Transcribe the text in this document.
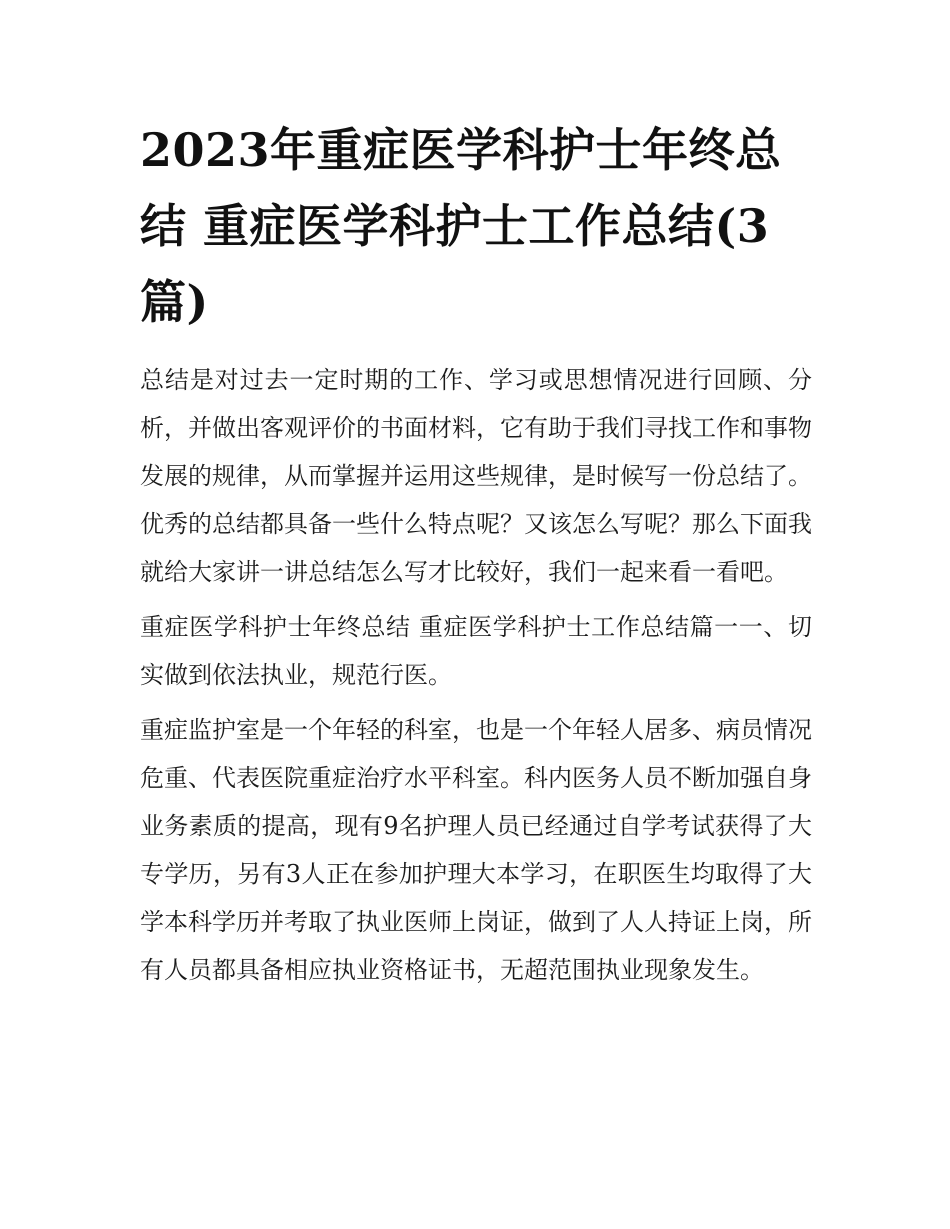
2023年重症医学科护士年终总结 重症医学科护士工作总结(3篇)

总结是对过去一定时期的工作、学习或思想情况进行回顾、分析，并做出客观评价的书面材料，它有助于我们寻找工作和事物发展的规律，从而掌握并运用这些规律，是时候写一份总结了。优秀的总结都具备一些什么特点呢？又该怎么写呢？那么下面我就给大家讲一讲总结怎么写才比较好，我们一起来看一看吧。

重症医学科护士年终总结 重症医学科护士工作总结篇一一、切实做到依法执业，规范行医。

重症监护室是一个年轻的科室，也是一个年轻人居多、病员情况危重、代表医院重症治疗水平科室。科内医务人员不断加强自身业务素质的提高，现有9名护理人员已经通过自学考试获得了大专学历，另有3人正在参加护理大本学习，在职医生均取得了大学本科学历并考取了执业医师上岗证，做到了人人持证上岗，所有人员都具备相应执业资格证书，无超范围执业现象发生。
